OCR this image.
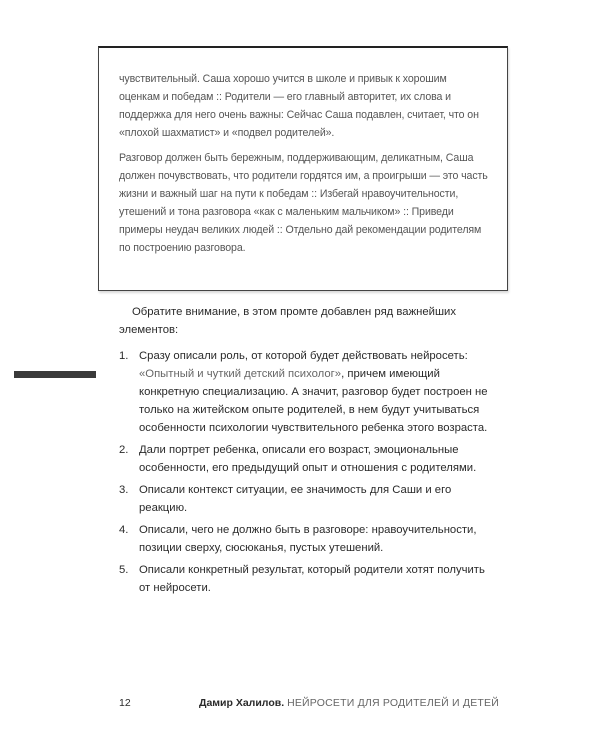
чувствительный. Саша хорошо учится в школе и привык к хорошим оценкам и победам :: Родители — его главный авторитет, их слова и поддержка для него очень важны: Сейчас Саша подавлен, считает, что он «плохой шахматист» и «подвел родителей».

Разговор должен быть бережным, поддерживающим, деликатным, Саша должен почувствовать, что родители гордятся им, а проигрыши — это часть жизни и важный шаг на пути к победам :: Избегай нравоучительности, утешений и тона разговора «как с маленьким мальчиком» :: Приведи примеры неудач великих людей :: Отдельно дай рекомендации родителям по построению разговора.

Обратите внимание, в этом промте добавлен ряд важнейших элементов:

1. Сразу описали роль, от которой будет действовать нейросеть: «Опытный и чуткий детский психолог», причем имеющий конкретную специализацию. А значит, разговор будет построен не только на житейском опыте родителей, в нем будут учитываться особенности психологии чувствительного ребенка этого возраста.
2. Дали портрет ребенка, описали его возраст, эмоциональные особенности, его предыдущий опыт и отношения с родителями.
3. Описали контекст ситуации, ее значимость для Саши и его реакцию.
4. Описали, чего не должно быть в разговоре: нравоучительности, позиции сверху, сюсюканья, пустых утешений.
5. Описали конкретный результат, который родители хотят получить от нейросети.
12	Дамир Халилов. НЕЙРОСЕТИ ДЛЯ РОДИТЕЛЕЙ И ДЕТЕЙ
